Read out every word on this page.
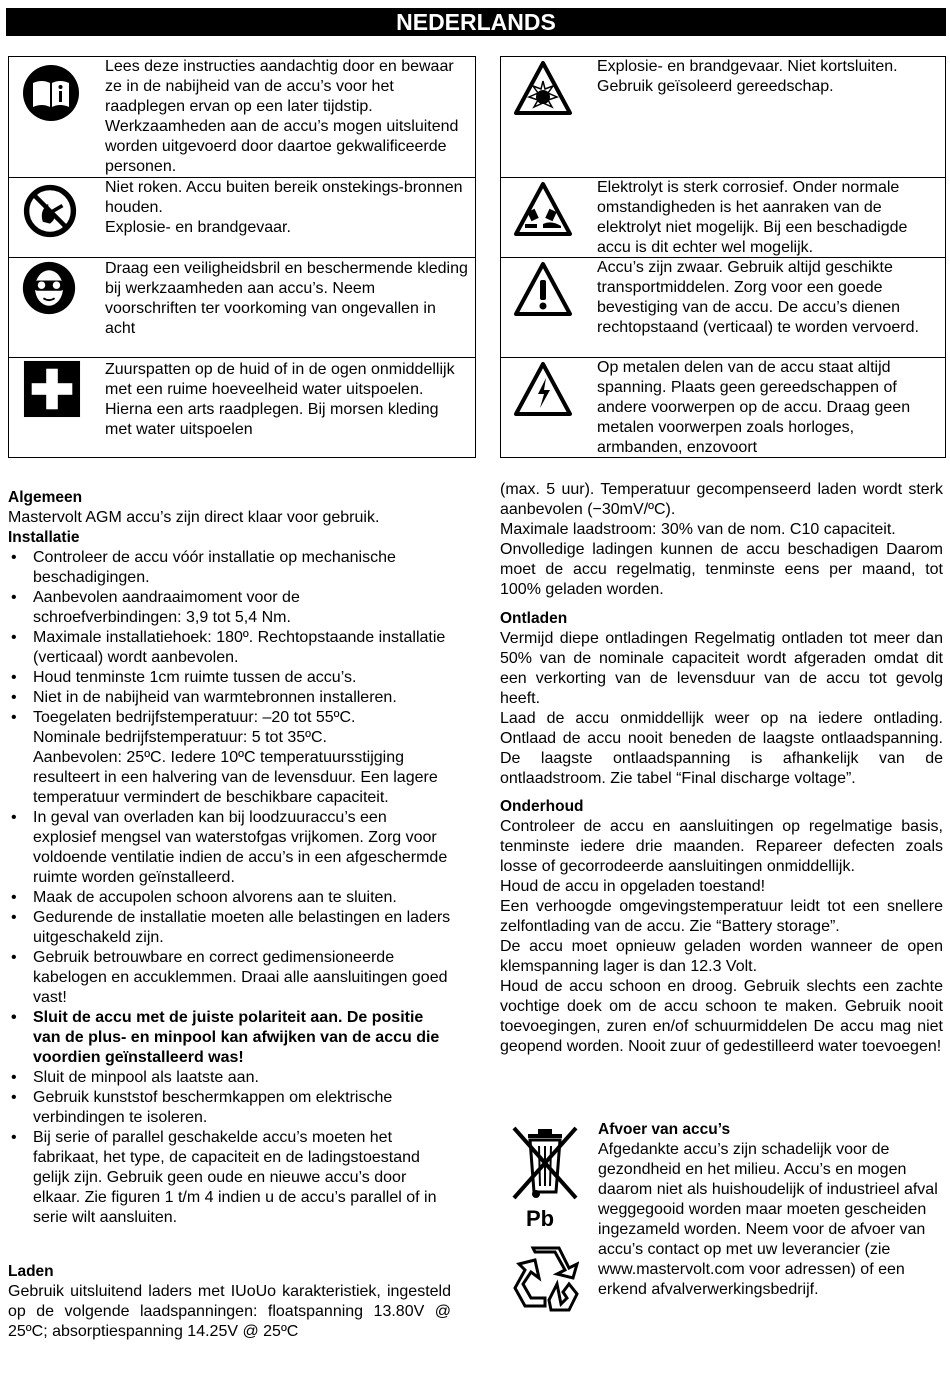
NEDERLANDS
Lees deze instructies aandachtig door en bewaar ze in de nabijheid van de accu’s voor het raadplegen ervan op een later tijdstip. Werkzaamheden aan de accu’s mogen uitsluitend worden uitgevoerd door daartoe gekwalificeerde personen.
Niet roken. Accu buiten bereik onstekings-bronnen houden.
Explosie- en brandgevaar.
Draag een veiligheidsbril en beschermende kleding bij werkzaamheden aan accu’s. Neem voorschriften ter voorkoming van ongevallen in acht
Zuurspatten op de huid of in de ogen onmiddellijk met een ruime hoeveelheid water uitspoelen. Hierna een arts raadplegen. Bij morsen kleding met water uitspoelen
Explosie- en brandgevaar. Niet kortsluiten. Gebruik geïsoleerd gereedschap.
Elektrolyt is sterk corrosief. Onder normale omstandigheden is het aanraken van de elektrolyt niet mogelijk. Bij een beschadigde accu is dit echter wel mogelijk.
Accu’s zijn zwaar. Gebruik altijd geschikte transportmiddelen. Zorg voor een goede bevestiging van de accu. De accu’s dienen rechtopstaand (verticaal) te worden vervoerd.
Op metalen delen van de accu staat altijd spanning. Plaats geen gereedschappen of andere voorwerpen op de accu. Draag geen metalen voorwerpen zoals horloges, armbanden, enzovoort

Algemeen

Mastervolt AGM accu’s zijn direct klaar voor gebruik.

Installatie

• Controleer de accu vóór installatie op mechanische beschadigingen.
• Aanbevolen aandraaimoment voor de schroefverbindingen: 3,9 tot 5,4 Nm.
• Maximale installatiehoek: 180º. Rechtopstaande installatie (verticaal) wordt aanbevolen.
• Houd tenminste 1cm ruimte tussen de accu’s.
• Niet in de nabijheid van warmtebronnen installeren.
• Toegelaten bedrijfstemperatuur: –20 tot 55ºC.
Nominale bedrijfstemperatuur: 5 tot 35ºC.
Aanbevolen: 25ºC. Iedere 10ºC temperatuursstijging resulteert in een halvering van de levensduur. Een lagere temperatuur vermindert de beschikbare capaciteit.
• In geval van overladen kan bij loodzuuraccu’s een explosief mengsel van waterstofgas vrijkomen. Zorg voor voldoende ventilatie indien de accu’s in een afgeschermde ruimte worden geïnstalleerd.
• Maak de accupolen schoon alvorens aan te sluiten.
• Gedurende de installatie moeten alle belastingen en laders uitgeschakeld zijn.
• Gebruik betrouwbare en correct gedimensioneerde kabelogen en accuklemmen. Draai alle aansluitingen goed vast!
• Sluit de accu met de juiste polariteit aan. De positie van de plus- en minpool kan afwijken van de accu die voordien geïnstalleerd was!
• Sluit de minpool als laatste aan.
• Gebruik kunststof beschermkappen om elektrische verbindingen te isoleren.
• Bij serie of parallel geschakelde accu’s moeten het fabrikaat, het type, de capaciteit en de ladingstoestand gelijk zijn. Gebruik geen oude en nieuwe accu’s door elkaar. Zie figuren 1 t/m 4 indien u de accu’s parallel of in serie wilt aansluiten.

Laden

Gebruik uitsluitend laders met IUoUo karakteristiek, ingesteld op de volgende laadspanningen: floatspanning 13.80V @ 25ºC; absorptiespanning 14.25V @ 25ºC

(max. 5 uur). Temperatuur gecompenseerd laden wordt sterk aanbevolen (−30mV/ºC).

Maximale laadstroom: 30% van de nom. C10 capaciteit.

Onvolledige ladingen kunnen de accu beschadigen Daarom moet de accu regelmatig, tenminste eens per maand, tot 100% geladen worden.

Ontladen

Vermijd diepe ontladingen Regelmatig ontladen tot meer dan 50% van de nominale capaciteit wordt afgeraden omdat dit een verkorting van de levensduur van de accu tot gevolg heeft.

Laad de accu onmiddellijk weer op na iedere ontlading. Ontlaad de accu nooit beneden de laagste ontlaadspanning. De laagste ontlaadspanning is afhankelijk van de ontlaadstroom. Zie tabel “Final discharge voltage”.

Onderhoud

Controleer de accu en aansluitingen op regelmatige basis, tenminste iedere drie maanden. Repareer defecten zoals losse of gecorrodeerde aansluitingen onmiddellijk.

Houd de accu in opgeladen toestand!

Een verhoogde omgevingstemperatuur leidt tot een snellere zelfontlading van de accu. Zie “Battery storage”.

De accu moet opnieuw geladen worden wanneer de open klemspanning lager is dan 12.3 Volt.

Houd de accu schoon en droog. Gebruik slechts een zachte vochtige doek om de accu schoon te maken. Gebruik nooit toevoegingen, zuren en/of schuurmiddelen De accu mag niet geopend worden. Nooit zuur of gedestilleerd water toevoegen!

Pb

Afvoer van accu’s

Afgedankte accu’s zijn schadelijk voor de gezondheid en het milieu. Accu’s en mogen daarom niet als huishoudelijk of industrieel afval weggegooid worden maar moeten gescheiden ingezameld worden. Neem voor de afvoer van accu’s contact op met uw leverancier (zie www.mastervolt.com voor adressen) of een erkend afvalverwerkingsbedrijf.
